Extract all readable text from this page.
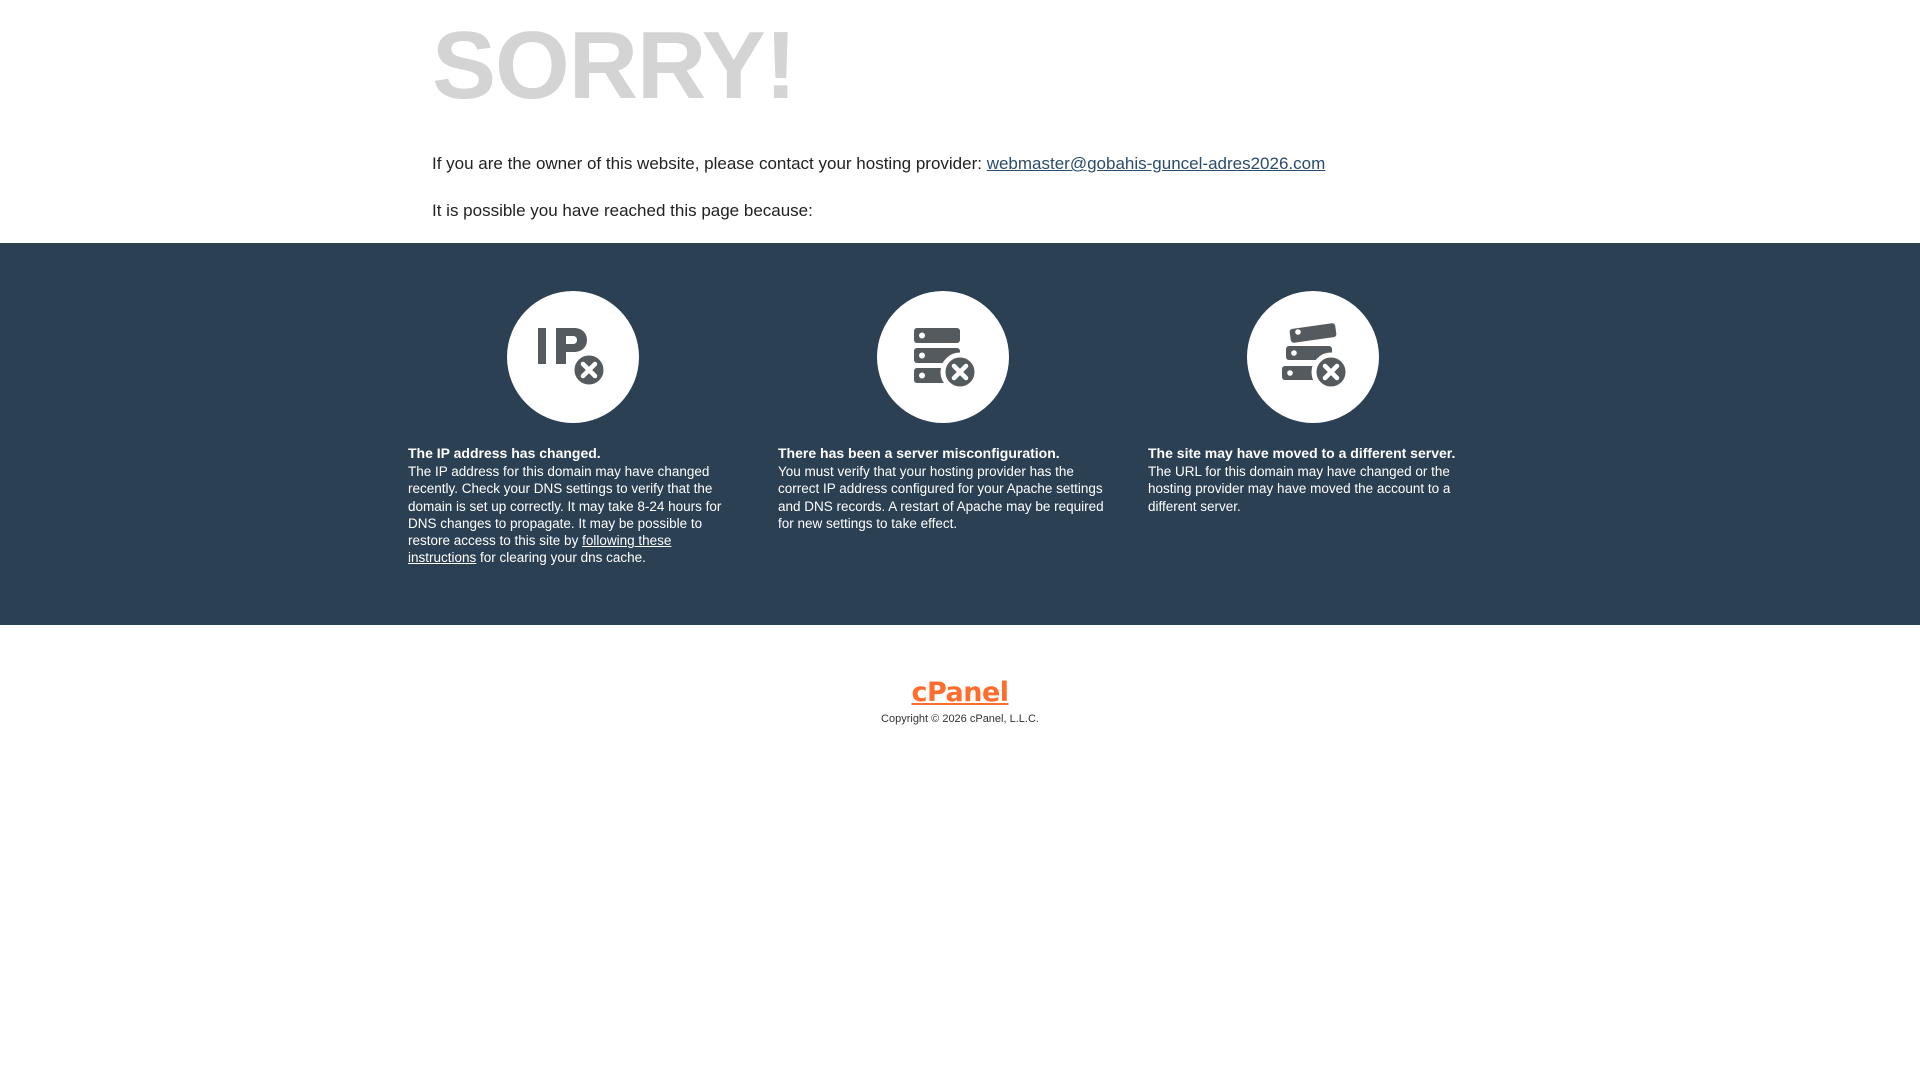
SORRY!
If you are the owner of this website, please contact your hosting provider: webmaster@gobahis-guncel-adres2026.com
It is possible you have reached this page because:
The IP address has changed.

The IP address for this domain may have changed recently. Check your DNS settings to verify that the domain is set up correctly. It may take 8-24 hours for DNS changes to propagate. It may be possible to restore access to this site by following these instructions for clearing your dns cache.

There has been a server misconfiguration.

You must verify that your hosting provider has the correct IP address configured for your Apache settings and DNS records. A restart of Apache may be required for new settings to take effect.

The site may have moved to a different server.

The URL for this domain may have changed or the hosting provider may have moved the account to a different server.

cPanel
Copyright © 2026 cPanel, L.L.C.
